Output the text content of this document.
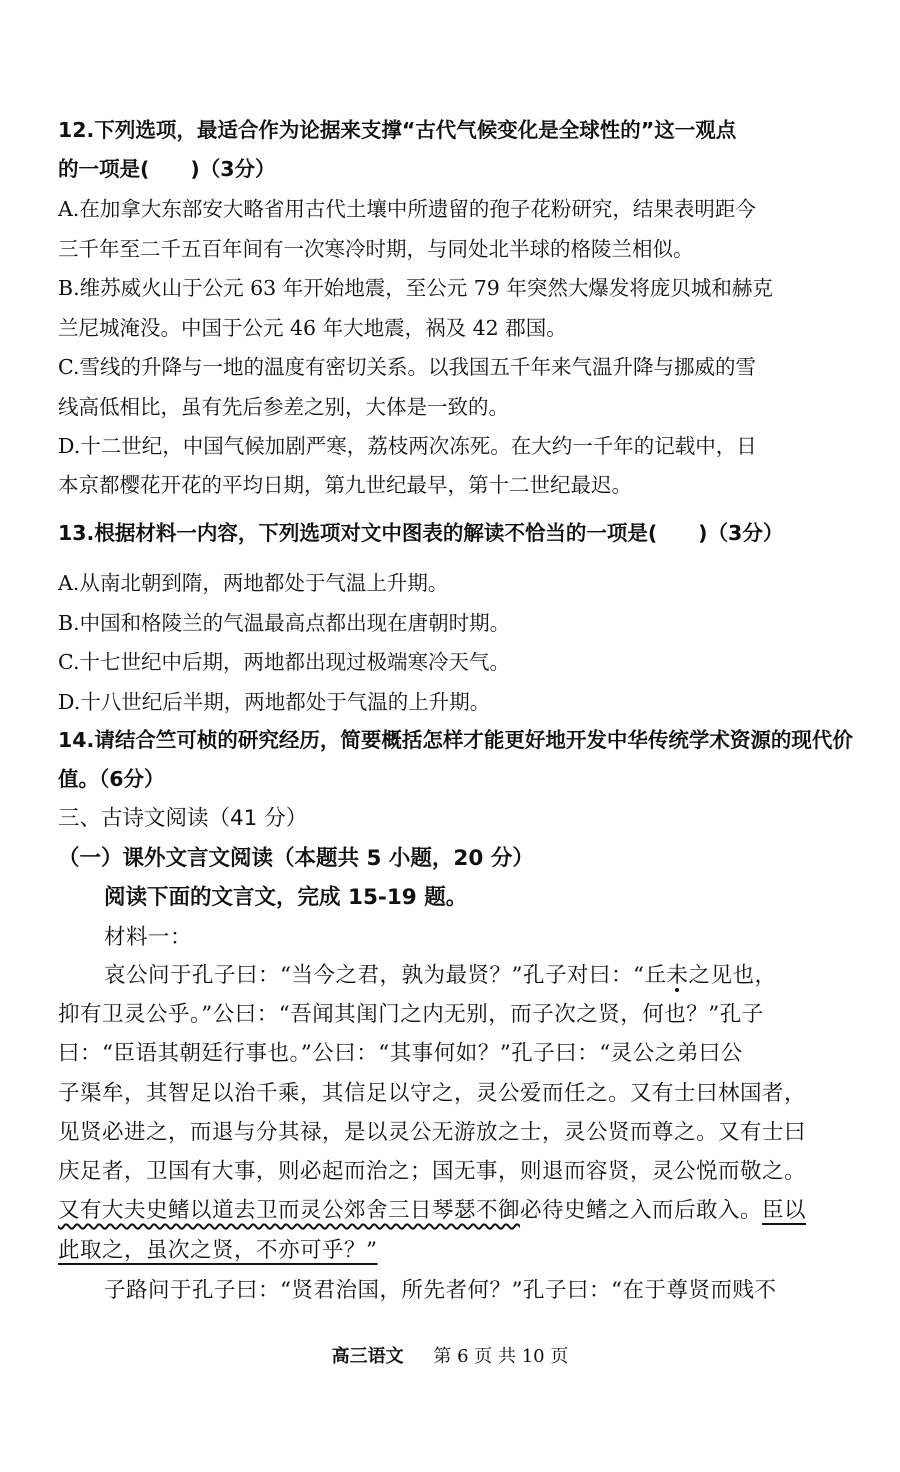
12.下列选项，最适合作为论据来支撑“古代气候变化是全球性的”这一观点
的一项是(　　)（3分）
A.在加拿大东部安大略省用古代土壤中所遗留的孢子花粉研究，结果表明距今
三千年至二千五百年间有一次寒冷时期，与同处北半球的格陵兰相似。
B.维苏威火山于公元 63 年开始地震，至公元 79 年突然大爆发将庞贝城和赫克
兰尼城淹没。中国于公元 46 年大地震，祸及 42 郡国。
C.雪线的升降与一地的温度有密切关系。以我国五千年来气温升降与挪威的雪
线高低相比，虽有先后参差之别，大体是一致的。
D.十二世纪，中国气候加剧严寒，荔枝两次冻死。在大约一千年的记载中，日
本京都樱花开花的平均日期，第九世纪最早，第十二世纪最迟。
13.根据材料一内容，下列选项对文中图表的解读不恰当的一项是(　　)（3分）
A.从南北朝到隋，两地都处于气温上升期。
B.中国和格陵兰的气温最高点都出现在唐朝时期。
C.十七世纪中后期，两地都出现过极端寒冷天气。
D.十八世纪后半期，两地都处于气温的上升期。
14.请结合竺可桢的研究经历，简要概括怎样才能更好地开发中华传统学术资源的现代价
值。（6分）
三、古诗文阅读（41 分）
（一）课外文言文阅读（本题共 5 小题，20 分）
阅读下面的文言文，完成 15-19 题。
材料一：
哀公问于孔子曰：“当今之君，孰为最贤？”孔子对曰：“丘未之见也，
抑有卫灵公乎。”公曰：“吾闻其闺门之内无别，而子次之贤，何也？”孔子
曰：“臣语其朝廷行事也。”公曰：“其事何如？”孔子曰：“灵公之弟曰公
子渠牟，其智足以治千乘，其信足以守之，灵公爱而任之。又有士曰林国者，
见贤必进之，而退与分其禄，是以灵公无游放之士，灵公贤而尊之。又有士曰
庆足者，卫国有大事，则必起而治之；国无事，则退而容贤，灵公悦而敬之。
又有大夫史鳍以道去卫而灵公郊舍三日琴瑟不御必待史鳍之入而后敢入。臣以
此取之，虽次之贤，不亦可乎？”
子路问于孔子曰：“贤君治国，所先者何？”孔子曰：“在于尊贤而贱不
高三语文 第 6 页 共 10 页
